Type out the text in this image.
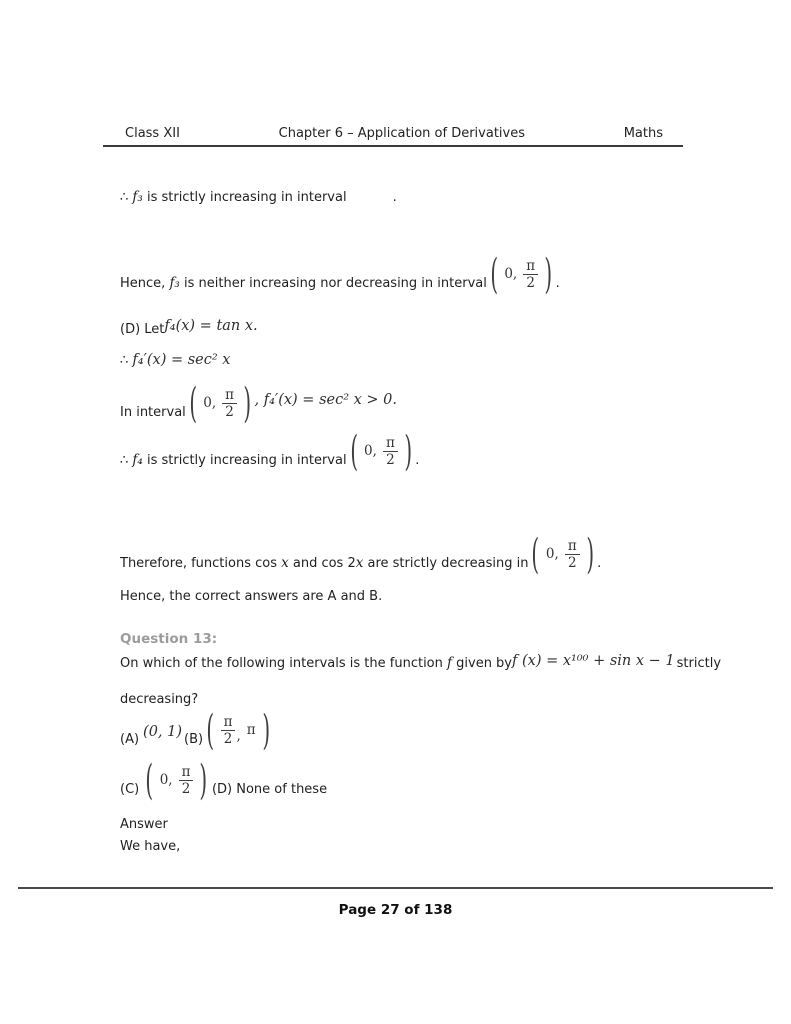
Class XII	Chapter 6 – Application of Derivatives	Maths
∴ f₃ is strictly increasing in interval	.
Hence, f₃ is neither increasing nor decreasing in interval ( 0, $\frac{\pi}{2}$ ) .
(D) Let f₄(x) = tan x.
∴ f₄′(x) = sec² x
In interval ( 0, $\frac{\pi}{2}$ ) , f₄′(x) = sec² x > 0.
∴ f₄ is strictly increasing in interval ( 0, $\frac{\pi}{2}$ ) .
Therefore, functions cos x and cos 2x are strictly decreasing in ( 0, $\frac{\pi}{2}$ ) .
Hence, the correct answers are A and B.
Question 13:
On which of the following intervals is the function f given by f (x) = x¹⁰⁰ + sin x − 1 strictly
decreasing?
(A) (0, 1) (B) ( $\frac{\pi}{2}$ , π )
(C) ( 0, $\frac{\pi}{2}$ ) (D) None of these
Answer
We have,
Page 27 of 138
